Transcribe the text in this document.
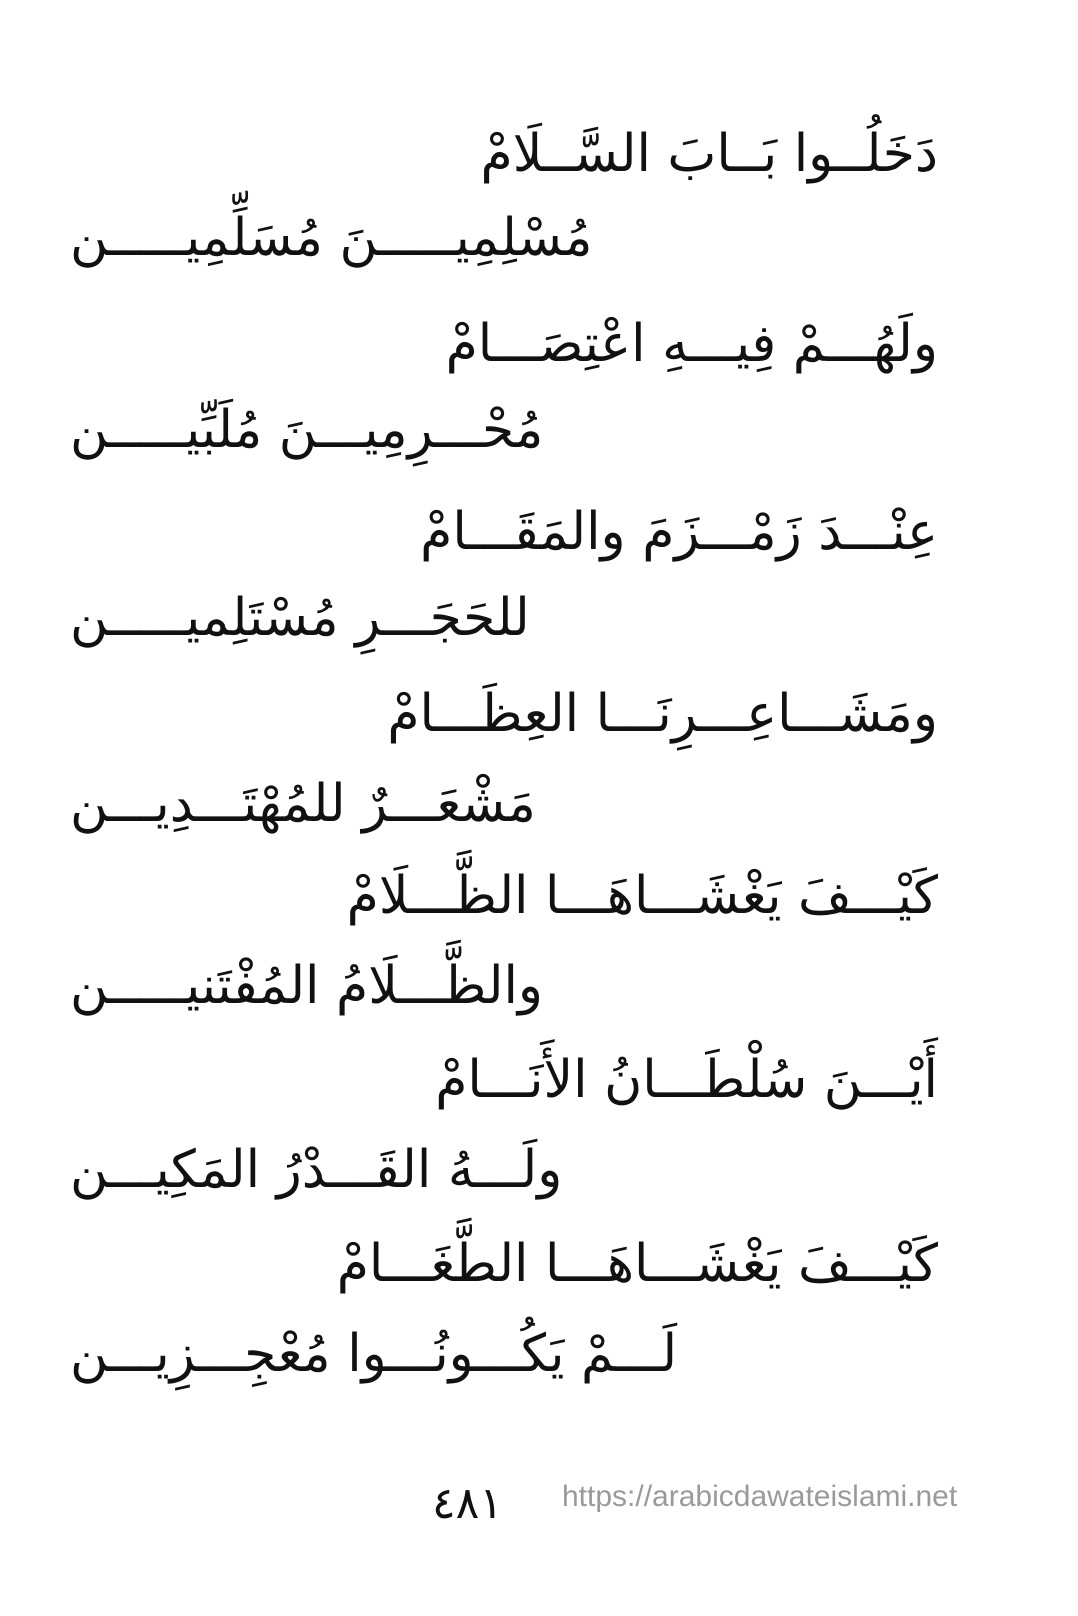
دَخَلُــوا بَــابَ السَّــلَامْ
مُسْلِمِيـــــنَ مُسَلِّمِيـــــن
ولَهُـــمْ فِيـــهِ اعْتِصَـــامْ
مُحْـــرِمِيـــنَ مُلَبِّيـــــن
عِنْـــدَ زَمْـــزَمَ والمَقَـــامْ
للحَجَـــرِ مُسْتَلِميـــــن
ومَشَـــاعِـــرِنَـــا العِظَـــامْ
مَشْعَـــرٌ للمُهْتَـــدِيـــن
كَيْـــفَ يَغْشَـــاهَـــا الظَّـــلَامْ
والظَّـــلَامُ المُفْتَنيـــــن
أَيْـــنَ سُلْطَـــانُ الأَنَـــامْ
ولَـــهُ القَـــدْرُ المَكِيـــن
كَيْـــفَ يَغْشَـــاهَـــا الطَّغَـــامْ
لَـــمْ يَكُـــونُـــوا مُعْجِـــزِيـــن
٤٨١ https://arabicdawateislami.net
